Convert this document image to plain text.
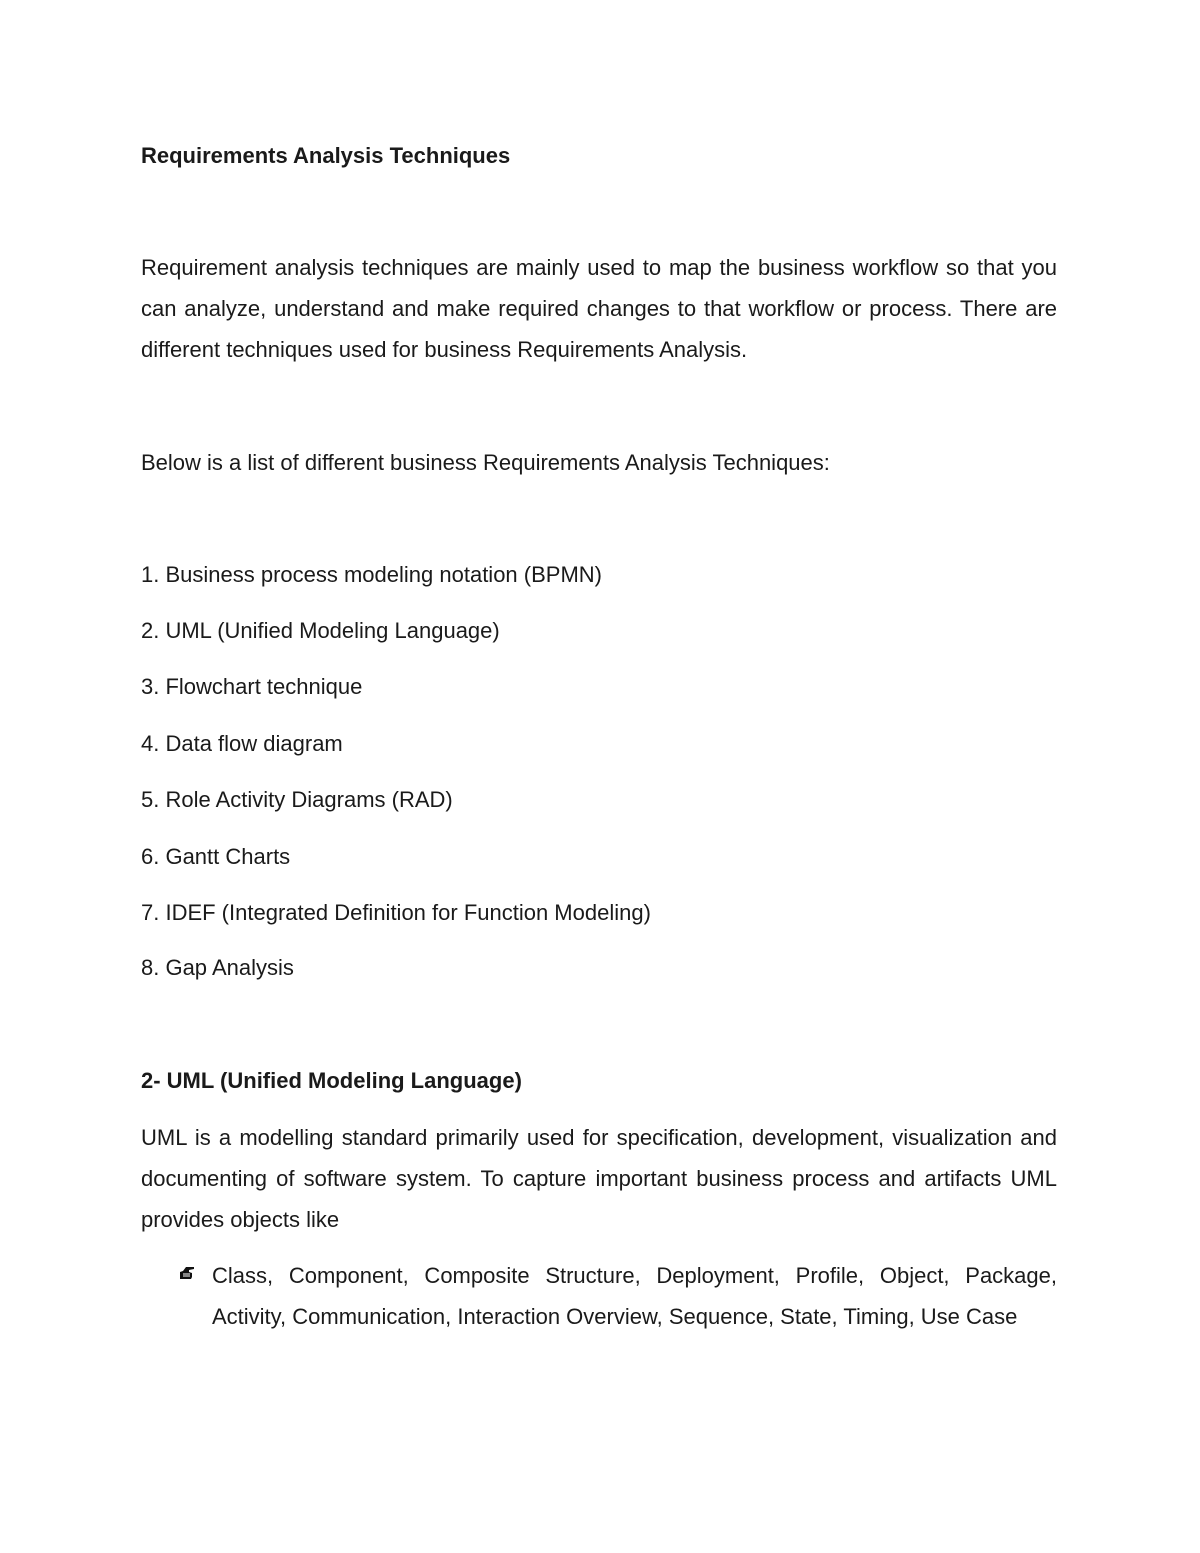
Requirements Analysis Techniques
Requirement analysis techniques are mainly used to map the business workflow so that you can analyze, understand and make required changes to that workflow or process. There are different techniques used for business Requirements Analysis.
Below is a list of different business Requirements Analysis Techniques:
1. Business process modeling notation (BPMN)
2. UML (Unified Modeling Language)
3. Flowchart technique
4. Data flow diagram
5. Role Activity Diagrams (RAD)
6. Gantt Charts
7. IDEF (Integrated Definition for Function Modeling)
8. Gap Analysis
2- UML (Unified Modeling Language)
UML is a modelling standard primarily used for specification, development, visualization and documenting of software system. To capture important business process and artifacts UML provides objects like
Class, Component, Composite Structure, Deployment, Profile, Object, Package, Activity, Communication, Interaction Overview, Sequence, State, Timing, Use Case
